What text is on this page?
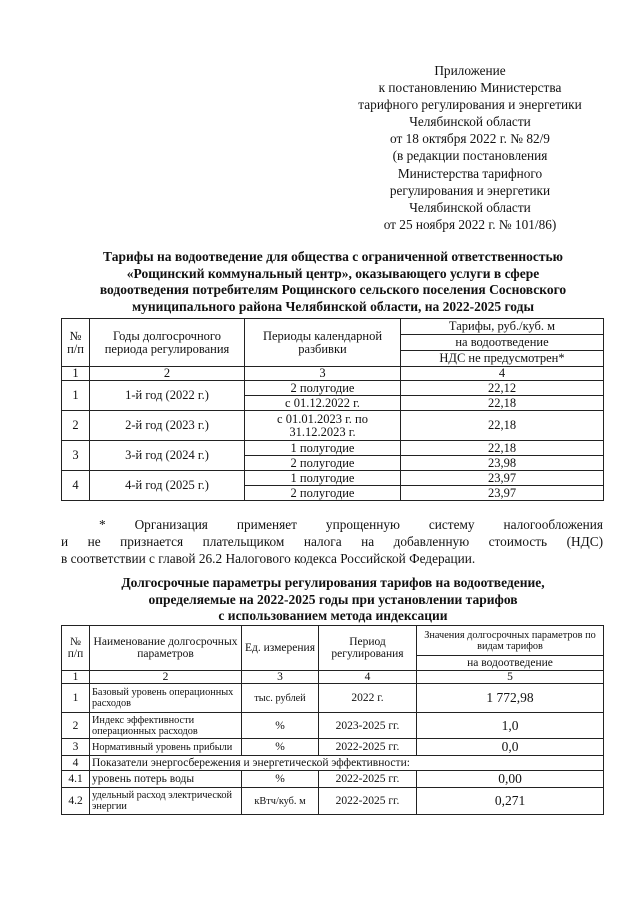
Приложение
к постановлению Министерства
тарифного регулирования и энергетики
Челябинской области
от 18 октября 2022 г. № 82/9
(в редакции постановления
Министерства тарифного
регулирования и энергетики
Челябинской области
от 25 ноября 2022 г. № 101/86)
Тарифы на водоотведение для общества с ограниченной ответственностью
«Рощинский коммунальный центр», оказывающего услуги в сфере
водоотведения потребителям Рощинского сельского поселения Сосновского
муниципального района Челябинской области, на 2022-2025 годы
№ п/п	Годы долгосрочного периода регулирования	Периоды календарной разбивки	Тарифы, руб./куб. м
			на водоотведение
			НДС не предусмотрен*
1	2	3	4
1	1-й год (2022 г.)	2 полугодие	22,12
		с 01.12.2022 г.	22,18
2	2-й год (2023 г.)	с 01.01.2023 г. по 31.12.2023 г.	22,18
3	3-й год (2024 г.)	1 полугодие	22,18
		2 полугодие	23,98
4	4-й год (2025 г.)	1 полугодие	23,97
		2 полугодие	23,97
* Организация применяет упрощенную систему налогообложения
и не признается плательщиком налога на добавленную стоимость (НДС)
в соответствии с главой 26.2 Налогового кодекса Российской Федерации.
Долгосрочные параметры регулирования тарифов на водоотведение,
определяемые на 2022-2025 годы при установлении тарифов
с использованием метода индексации
№ п/п	Наименование долгосрочных параметров	Ед. измерения	Период регулирования	Значения долгосрочных параметров по видам тарифов
				на водоотведение
1	2	3	4	5
1	Базовый уровень операционных расходов	тыс. рублей	2022 г.	1 772,98
2	Индекс эффективности операционных расходов	%	2023-2025 гг.	1,0
3	Нормативный уровень прибыли	%	2022-2025 гг.	0,0
4	Показатели энергосбережения и энергетической эффективности:			
4.1	уровень потерь воды	%	2022-2025 гг.	0,00
4.2	удельный расход электрической энергии	кВтч/куб. м	2022-2025 гг.	0,271
